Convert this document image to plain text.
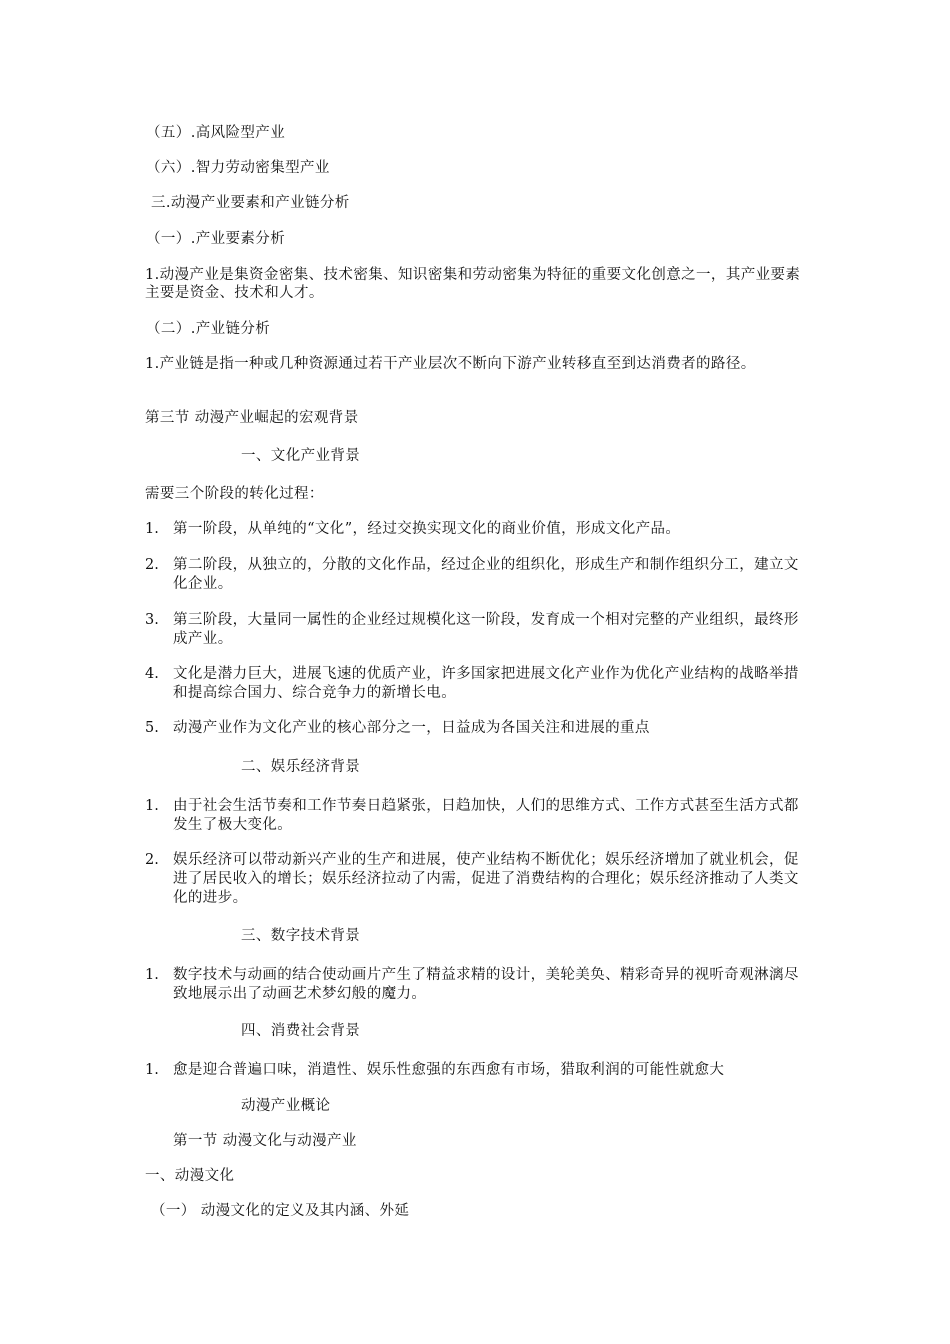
（五）.高风险型产业
（六）.智力劳动密集型产业
三.动漫产业要素和产业链分析
（一）.产业要素分析
1.动漫产业是集资金密集、技术密集、知识密集和劳动密集为特征的重要文化创意之一，其产业要素主要是资金、技术和人才。
（二）.产业链分析
1.产业链是指一种或几种资源通过若干产业层次不断向下游产业转移直至到达消费者的路径。
第三节 动漫产业崛起的宏观背景
一、文化产业背景
需要三个阶段的转化过程：
1. 第一阶段，从单纯的“文化”，经过交换实现文化的商业价值，形成文化产品。
2. 第二阶段，从独立的，分散的文化作品，经过企业的组织化，形成生产和制作组织分工，建立文化企业。
3. 第三阶段，大量同一属性的企业经过规模化这一阶段，发育成一个相对完整的产业组织，最终形成产业。
4. 文化是潜力巨大，进展飞速的优质产业，许多国家把进展文化产业作为优化产业结构的战略举措和提高综合国力、综合竞争力的新增长电。
5. 动漫产业作为文化产业的核心部分之一，日益成为各国关注和进展的重点
二、娱乐经济背景
1. 由于社会生活节奏和工作节奏日趋紧张，日趋加快，人们的思维方式、工作方式甚至生活方式都发生了极大变化。
2. 娱乐经济可以带动新兴产业的生产和进展，使产业结构不断优化；娱乐经济增加了就业机会，促进了居民收入的增长；娱乐经济拉动了内需，促进了消费结构的合理化；娱乐经济推动了人类文化的进步。
三、数字技术背景
1. 数字技术与动画的结合使动画片产生了精益求精的设计，美轮美奂、精彩奇异的视听奇观淋漓尽致地展示出了动画艺术梦幻般的魔力。
四、消费社会背景
1. 愈是迎合普遍口味，消遣性、娱乐性愈强的东西愈有市场，猎取利润的可能性就愈大
动漫产业概论
第一节 动漫文化与动漫产业
一、动漫文化
（一） 动漫文化的定义及其内涵、外延
